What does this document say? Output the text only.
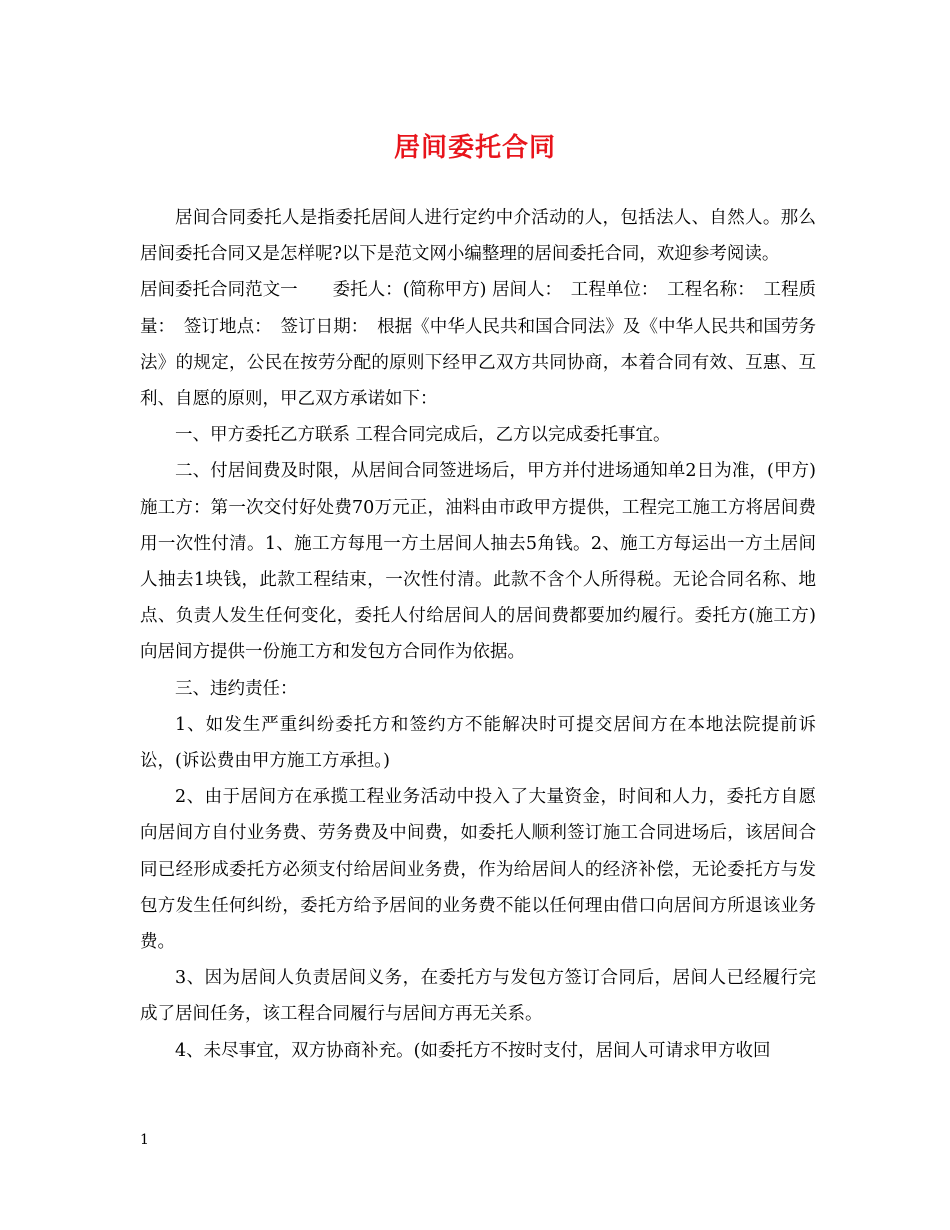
居间委托合同

居间合同委托人是指委托居间人进行定约中介活动的人，包括法人、自然人。那么居间委托合同又是怎样呢?以下是范文网小编整理的居间委托合同，欢迎参考阅读。

居间委托合同范文一　　委托人：(简称甲方) 居间人：　工程单位：　工程名称：　工程质量：　签订地点：　签订日期：　根据《中华人民共和国合同法》及《中华人民共和国劳务法》的规定，公民在按劳分配的原则下经甲乙双方共同协商，本着合同有效、互惠、互利、自愿的原则，甲乙双方承诺如下：

一、甲方委托乙方联系 工程合同完成后，乙方以完成委托事宜。

二、付居间费及时限，从居间合同签进场后，甲方并付进场通知单2日为准，(甲方)施工方：第一次交付好处费70万元正，油料由市政甲方提供，工程完工施工方将居间费用一次性付清。1、施工方每甩一方土居间人抽去5角钱。2、施工方每运出一方土居间人抽去1块钱，此款工程结束，一次性付清。此款不含个人所得税。无论合同名称、地点、负责人发生任何变化，委托人付给居间人的居间费都要加约履行。委托方(施工方)向居间方提供一份施工方和发包方合同作为依据。

三、违约责任：

1、如发生严重纠纷委托方和签约方不能解决时可提交居间方在本地法院提前诉讼，(诉讼费由甲方施工方承担。)

2、由于居间方在承揽工程业务活动中投入了大量资金，时间和人力，委托方自愿向居间方自付业务费、劳务费及中间费，如委托人顺利签订施工合同进场后，该居间合同已经形成委托方必须支付给居间业务费，作为给居间人的经济补偿，无论委托方与发包方发生任何纠纷，委托方给予居间的业务费不能以任何理由借口向居间方所退该业务费。

3、因为居间人负责居间义务，在委托方与发包方签订合同后，居间人已经履行完成了居间任务，该工程合同履行与居间方再无关系。

4、未尽事宜，双方协商补充。(如委托方不按时支付，居间人可请求甲方收回

1
